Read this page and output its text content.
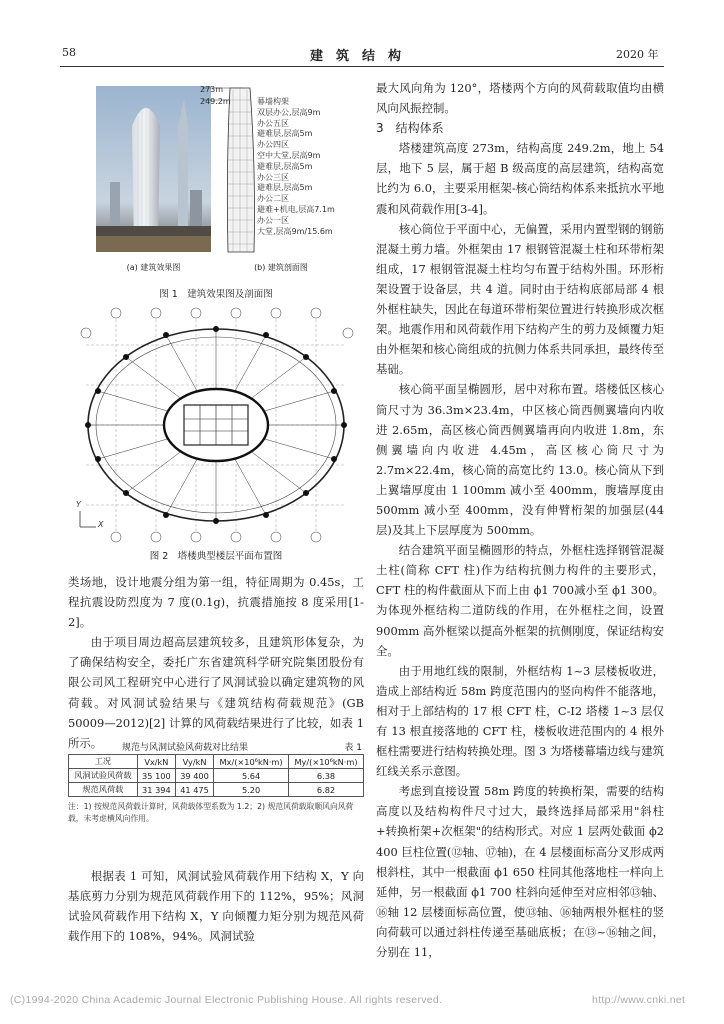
58	建　筑　结　构	2020 年
(a) 建筑效果图
273m
249.2m	幕墙构架
双层办公,层高9m
办公五区
避难层,层高5m
办公四区
空中大堂,层高9m
避难层,层高5m
办公三区
避难层,层高5m
办公二区
避难+机电,层高7.1m
办公一区
大堂,层高9m/15.6m
(b) 建筑剖面图
图 1　建筑效果图及剖面图
Y
X
图 2　塔楼典型楼层平面布置图

类场地，设计地震分组为第一组，特征周期为 0.45s，工程抗震设防烈度为 7 度(0.1g)，抗震措施按 8 度采用[1-2]。

由于项目周边超高层建筑较多，且建筑形体复杂，为了确保结构安全，委托广东省建筑科学研究院集团股份有限公司风工程研究中心进行了风洞试验以确定建筑物的风荷载。对风洞试验结果与《建筑结构荷载规范》(GB 50009—2012)[2] 计算的风荷载结果进行了比较，如表 1 所示。	规范与风洞试验风荷载对比结果	表 1
工况	Vx/kN	Vy/kN	Mx/(×10⁶kN·m)	My/(×10⁶kN·m)
风洞试验风荷载	35 100	39 400	5.64	6.38
规范风荷载	31 394	41 475	5.20	6.82
注：1) 按规范风荷载计算时，风荷载体型系数为 1.2；2) 规范风荷载取顺风向风荷载，未考虑横风向作用。

根据表 1 可知，风洞试验风荷载作用下结构 X，Y 向基底剪力分别为规范风荷载作用下的 112%，95%；风洞试验风荷载作用下结构 X，Y 向倾覆力矩分别为规范风荷载作用下的 108%，94%。风洞试验

最大风向角为 120°，塔楼两个方向的风荷载取值均由横风向风振控制。

3　结构体系

塔楼建筑高度 273m，结构高度 249.2m，地上 54 层，地下 5 层，属于超 B 级高度的高层建筑，结构高宽比约为 6.0，主要采用框架-核心筒结构体系来抵抗水平地震和风荷载作用[3-4]。

核心筒位于平面中心，无偏置，采用内置型钢的钢筋混凝土剪力墙。外框架由 17 根钢管混凝土柱和环带桁架组成，17 根钢管混凝土柱均匀布置于结构外围。环形桁架设置于设备层，共 4 道。同时由于结构底部局部 4 根外框柱缺失，因此在每道环带桁架位置进行转换形成次框架。地震作用和风荷载作用下结构产生的剪力及倾覆力矩由外框架和核心筒组成的抗侧力体系共同承担，最终传至基础。

核心筒平面呈椭圆形，居中对称布置。塔楼低区核心筒尺寸为 36.3m×23.4m，中区核心筒西侧翼墙向内收进 2.65m，高区核心筒西侧翼墙再向内收进 1.8m，东侧翼墙向内收进 4.45m，高区核心筒尺寸为 2.7m×22.4m，核心筒的高宽比约 13.0。核心筒从下到上翼墙厚度由 1 100mm 减小至 400mm，腹墙厚度由 500mm 减小至 400mm，没有伸臂桁架的加强层(44 层)及其上下层厚度为 500mm。

结合建筑平面呈椭圆形的特点，外框柱选择钢管混凝土柱(简称 CFT 柱)作为结构抗侧力构件的主要形式，CFT 柱的构件截面从下而上由 ϕ1 700减小至 ϕ1 300。为体现外框结构二道防线的作用，在外框柱之间，设置 900mm 高外框梁以提高外框架的抗侧刚度，保证结构安全。

由于用地红线的限制，外框结构 1~3 层楼板收进，造成上部结构近 58m 跨度范围内的竖向构件不能落地，相对于上部结构的 17 根 CFT 柱，C-I2 塔楼 1~3 层仅有 13 根直接落地的 CFT 柱，楼板收进范围内的 4 根外框柱需要进行结构转换处理。图 3 为塔楼幕墙边线与建筑红线关系示意图。

考虑到直接设置 58m 跨度的转换桁架，需要的结构高度以及结构构件尺寸过大，最终选择局部采用"斜柱+转换桁架+次框架"的结构形式。对应 1 层两处截面 ϕ2 400 巨柱位置(⑫轴、⑰轴)，在 4 层楼面标高分叉形成两根斜柱，其中一根截面 ϕ1 650 柱同其他落地柱一样向上延伸，另一根截面 ϕ1 700 柱斜向延伸至对应相邻⑬轴、⑯轴 12 层楼面标高位置，使⑬轴、⑯轴两根外框柱的竖向荷载可以通过斜柱传递至基础底板；在⑬~⑯轴之间，分别在 11，

(C)1994-2020 China Academic Journal Electronic Publishing House. All rights reserved.	http://www.cnki.net
